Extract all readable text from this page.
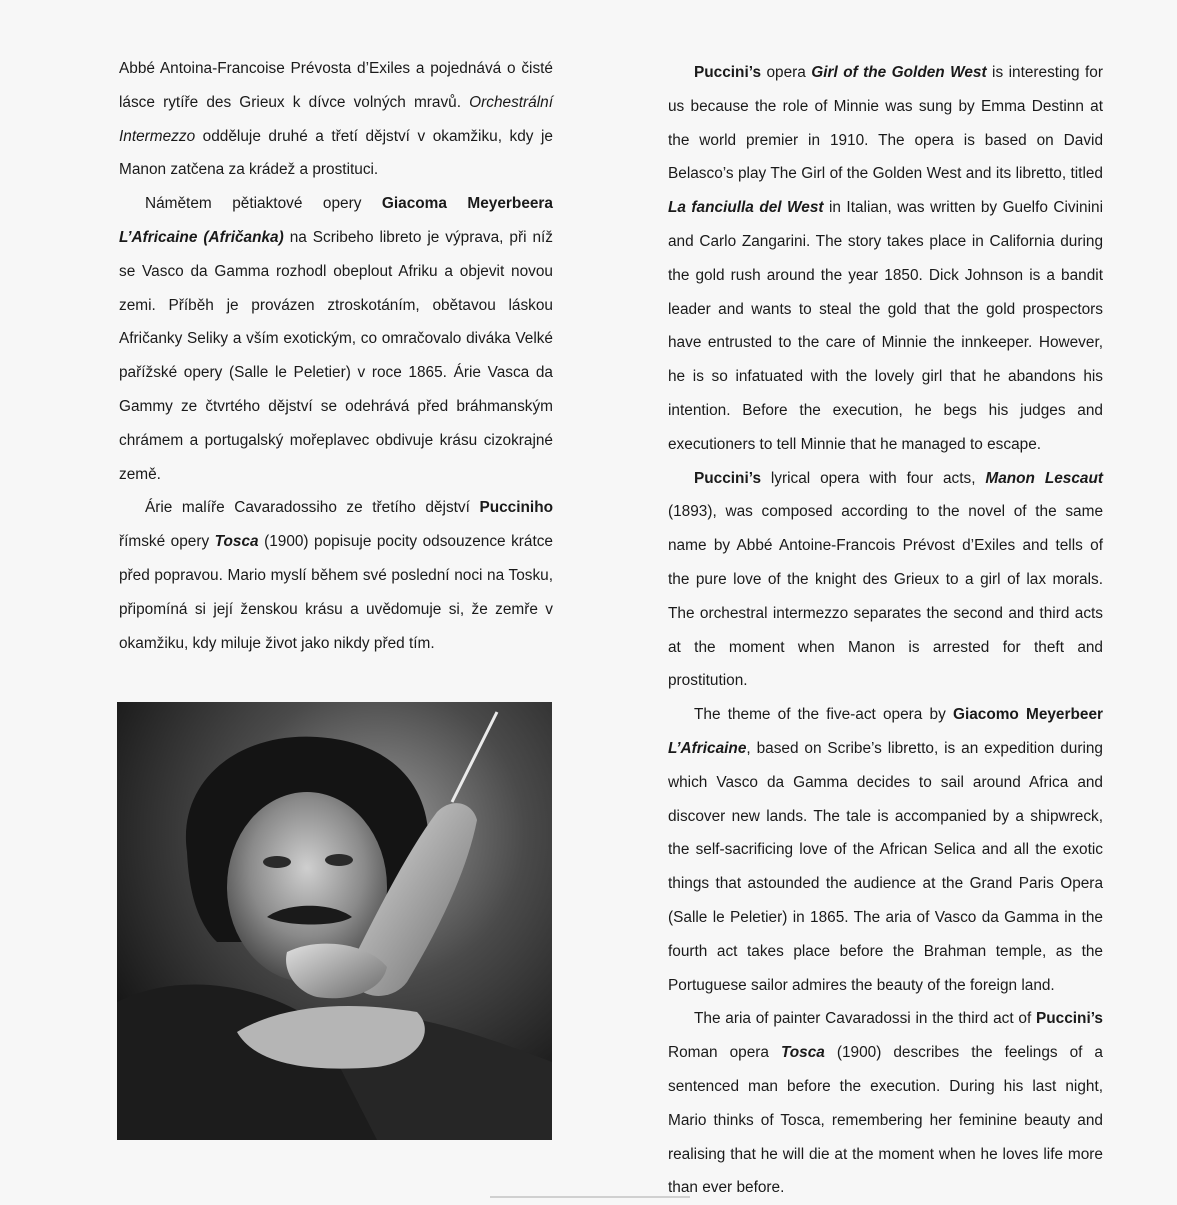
Abbé Antoina-Francoise Prévosta d’Exiles a pojednává o čisté lásce rytíře des Grieux k dívce volných mravů. Orchestrální Intermezzo odděluje druhé a třetí dějství v okamžiku, kdy je Manon zatčena za krádež a prostituci.

Námětem pětiaktové opery Giacoma Meyerbeera L’Africaine (Afričanka) na Scribeho libreto je výprava, při níž se Vasco da Gamma rozhodl obeplout Afriku a objevit novou zemi. Příběh je provázen ztroskotáním, obětavou láskou Afričanky Seliky a vším exotickým, co omračovalo diváka Velké pařížské opery (Salle le Peletier) v roce 1865. Árie Vasca da Gammy ze čtvrtého dějství se odehrává před bráhmanským chrámem a portugalský mořeplavec obdivuje krásu cizokrajné země.

Árie malíře Cavaradossiho ze třetího dějství Pucciniho římské opery Tosca (1900) popisuje pocity odsouzence krátce před popravou. Mario myslí během své poslední noci na Tosku, připomíná si její ženskou krásu a uvědomuje si, že zemře v okamžiku, kdy miluje život jako nikdy před tím.

Puccini’s opera Girl of the Golden West is interesting for us because the role of Minnie was sung by Emma Destinn at the world premier in 1910. The opera is based on David Belasco’s play The Girl of the Golden West and its libretto, titled La fanciulla del West in Italian, was written by Guelfo Civinini and Carlo Zangarini. The story takes place in California during the gold rush around the year 1850. Dick Johnson is a bandit leader and wants to steal the gold that the gold prospectors have entrusted to the care of Minnie the innkeeper. However, he is so infatuated with the lovely girl that he abandons his intention. Before the execution, he begs his judges and executioners to tell Minnie that he managed to escape.

Puccini’s lyrical opera with four acts, Manon Lescaut (1893), was composed according to the novel of the same name by Abbé Antoine-Francois Prévost d’Exiles and tells of the pure love of the knight des Grieux to a girl of lax morals. The orchestral intermezzo separates the second and third acts at the moment when Manon is arrested for theft and prostitution.

The theme of the five-act opera by Giacomo Meyerbeer L’Africaine, based on Scribe’s libretto, is an expedition during which Vasco da Gamma decides to sail around Africa and discover new lands. The tale is accompanied by a shipwreck, the self-sacrificing love of the African Selica and all the exotic things that astounded the audience at the Grand Paris Opera (Salle le Peletier) in 1865. The aria of Vasco da Gamma in the fourth act takes place before the Brahman temple, as the Portuguese sailor admires the beauty of the foreign land.

The aria of painter Cavaradossi in the third act of Puccini’s Roman opera Tosca (1900) describes the feelings of a sentenced man before the execution. During his last night, Mario thinks of Tosca, remembering her feminine beauty and realising that he will die at the moment when he loves life more than ever before.
